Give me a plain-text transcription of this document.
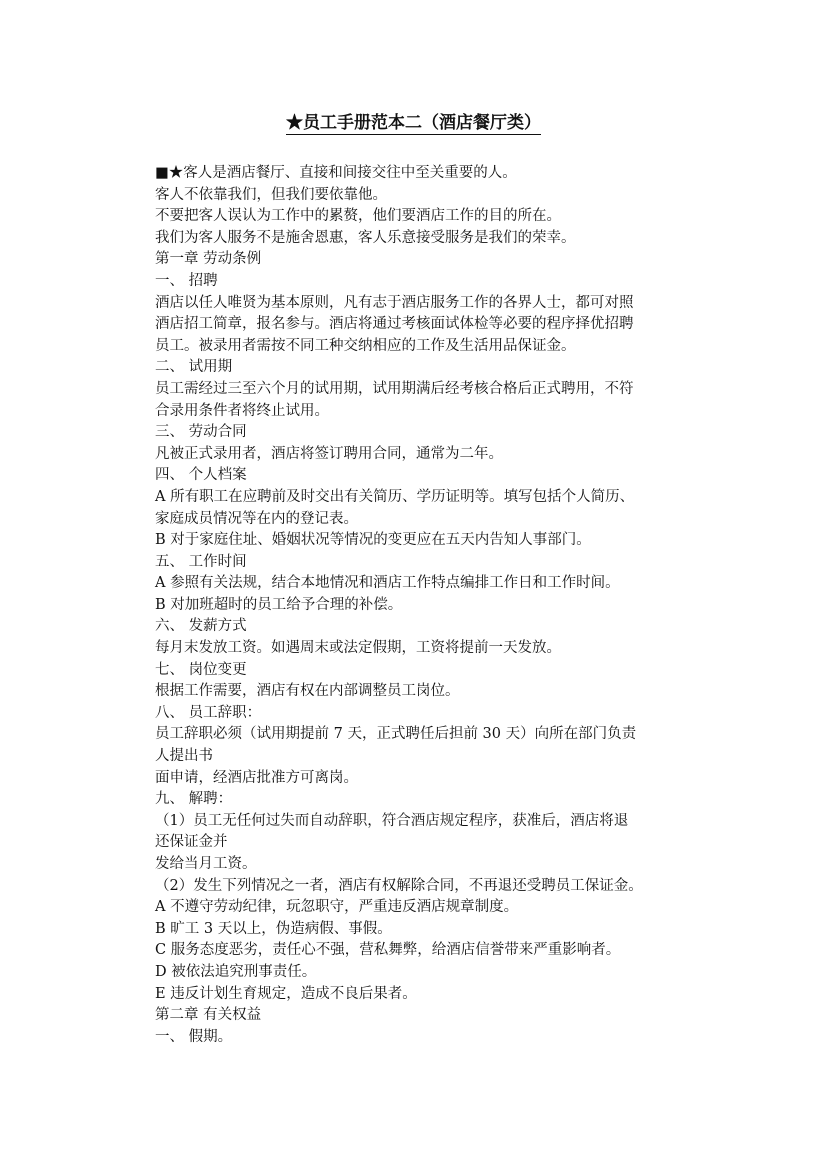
★员工手册范本二（酒店餐厅类）

■★客人是酒店餐厅、直接和间接交往中至关重要的人。

客人不依靠我们，但我们要依靠他。

不要把客人误认为工作中的累赘，他们要酒店工作的目的所在。

我们为客人服务不是施舍恩惠，客人乐意接受服务是我们的荣幸。

第一章 劳动条例

一、 招聘

酒店以任人唯贤为基本原则，凡有志于酒店服务工作的各界人士，都可对照

酒店招工简章，报名参与。酒店将通过考核面试体检等必要的程序择优招聘

员工。被录用者需按不同工种交纳相应的工作及生活用品保证金。

二、 试用期

员工需经过三至六个月的试用期，试用期满后经考核合格后正式聘用，不符

合录用条件者将终止试用。

三、 劳动合同

凡被正式录用者，酒店将签订聘用合同，通常为二年。

四、 个人档案

A 所有职工在应聘前及时交出有关简历、学历证明等。填写包括个人简历、

家庭成员情况等在内的登记表。

B 对于家庭住址、婚姻状况等情况的变更应在五天内告知人事部门。

五、 工作时间

A 参照有关法规，结合本地情况和酒店工作特点编排工作日和工作时间。

B 对加班超时的员工给予合理的补偿。

六、 发薪方式

每月末发放工资。如遇周末或法定假期，工资将提前一天发放。

七、 岗位变更

根据工作需要，酒店有权在内部调整员工岗位。

八、 员工辞职：

员工辞职必须（试用期提前 7 天，正式聘任后担前 30 天）向所在部门负责

人提出书

面申请，经酒店批准方可离岗。

九、 解聘：

（1）员工无任何过失而自动辞职，符合酒店规定程序，获准后，酒店将退

还保证金并

发给当月工资。

（2）发生下列情况之一者，酒店有权解除合同，不再退还受聘员工保证金。

A 不遵守劳动纪律，玩忽职守，严重违反酒店规章制度。

B 旷工 3 天以上，伪造病假、事假。

C 服务态度恶劣，责任心不强，营私舞弊，给酒店信誉带来严重影响者。

D 被依法追究刑事责任。

E 违反计划生育规定，造成不良后果者。

第二章 有关权益

一、 假期。
